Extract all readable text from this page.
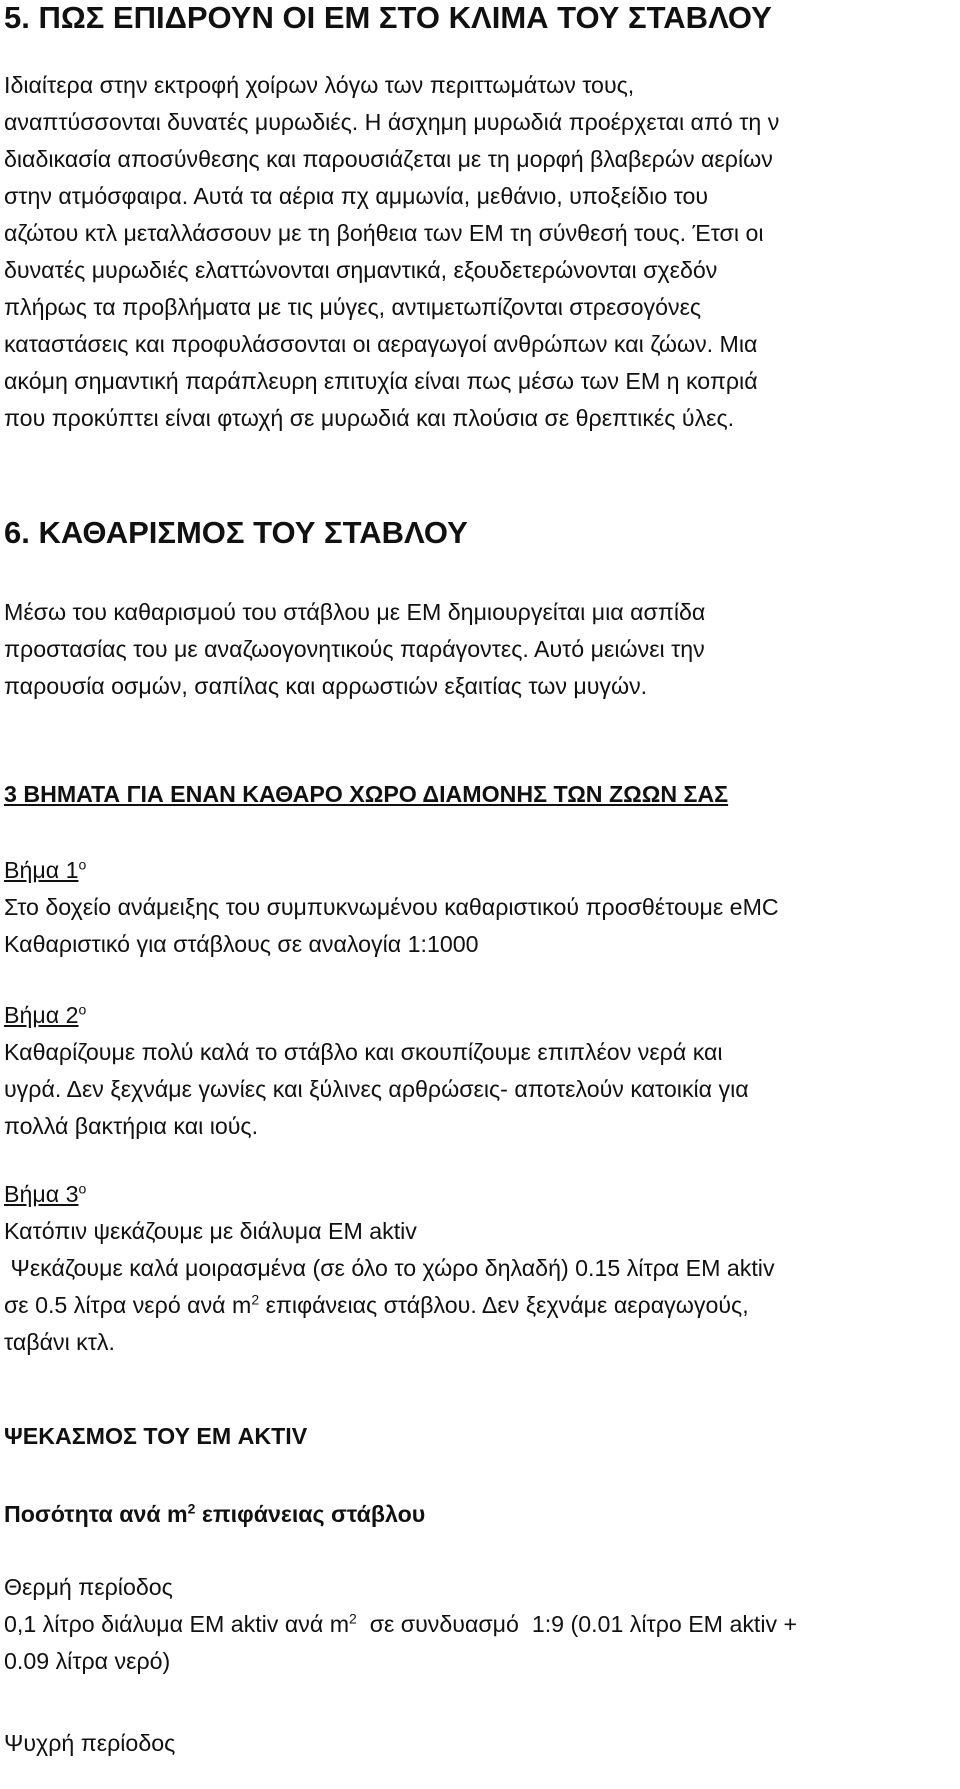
5. ΠΩΣ ΕΠΙΔΡΟΥΝ ΟΙ ΕΜ ΣΤΟ ΚΛΙΜΑ ΤΟΥ ΣΤΑΒΛΟΥ

Ιδιαίτερα στην εκτροφή χοίρων λόγω των περιττωμάτων τους,

αναπτύσσονται δυνατές μυρωδιές. Η άσχημη μυρωδιά προέρχεται από τη ν

διαδικασία αποσύνθεσης και παρουσιάζεται με τη μορφή βλαβερών αερίων

στην ατμόσφαιρα. Αυτά τα αέρια πχ αμμωνία, μεθάνιο, υποξείδιο του

αζώτου κτλ μεταλλάσσουν με τη βοήθεια των ΕΜ τη σύνθεσή τους. Έτσι οι

δυνατές μυρωδιές ελαττώνονται σημαντικά, εξουδετερώνονται σχεδόν

πλήρως τα προβλήματα με τις μύγες, αντιμετωπίζονται στρεσογόνες

καταστάσεις και προφυλάσσονται οι αεραγωγοί ανθρώπων και ζώων. Μια

ακόμη σημαντική παράπλευρη επιτυχία είναι πως μέσω των ΕΜ η κοπριά

που προκύπτει είναι φτωχή σε μυρωδιά και πλούσια σε θρεπτικές ύλες.

6. ΚΑΘΑΡΙΣΜΟΣ ΤΟΥ ΣΤΑΒΛΟΥ

Μέσω του καθαρισμού του στάβλου με ΕΜ δημιουργείται μια ασπίδα

προστασίας του με αναζωογονητικούς παράγοντες. Αυτό μειώνει την

παρουσία οσμών, σαπίλας και αρρωστιών εξαιτίας των μυγών.

3 ΒΗΜΑΤΑ ΓΙΑ ΕΝΑΝ ΚΑΘΑΡΟ ΧΩΡΟ ΔΙΑΜΟΝΗΣ ΤΩΝ ΖΩΩΝ ΣΑΣ

Βήμα $1^o$

Στο δοχείο ανάμειξης του συμπυκνωμένου καθαριστικού προσθέτουμε eMC

Καθαριστικό για στάβλους σε αναλογία 1:1000

Βήμα $2^o$

Καθαρίζουμε πολύ καλά το στάβλο και σκουπίζουμε επιπλέον νερά και

υγρά. Δεν ξεχνάμε γωνίες και ξύλινες αρθρώσεις- αποτελούν κατοικία για

πολλά βακτήρια και ιούς.

Βήμα $3^o$

Κατόπιν ψεκάζουμε με διάλυμα ΕΜ aktiv

Ψεκάζουμε καλά μοιρασμένα (σε όλο το χώρο δηλαδή) 0.15 λίτρα ΕΜ aktiv

σε 0.5 λίτρα νερό ανά $m^2$ επιφάνειας στάβλου. Δεν ξεχνάμε αεραγωγούς,

ταβάνι κτλ.

ΨΕΚΑΣΜΟΣ ΤΟΥ ΕΜ AKTIV
Ποσότητα ανά $m^2$ επιφάνειας στάβλου

Θερμή περίοδος

0,1 λίτρο διάλυμα ΕΜ aktiv ανά $m^2$  σε συνδυασμό  1:9 (0.01 λίτρο ΕΜ aktiv +

0.09 λίτρα νερό)

Ψυχρή περίοδος
